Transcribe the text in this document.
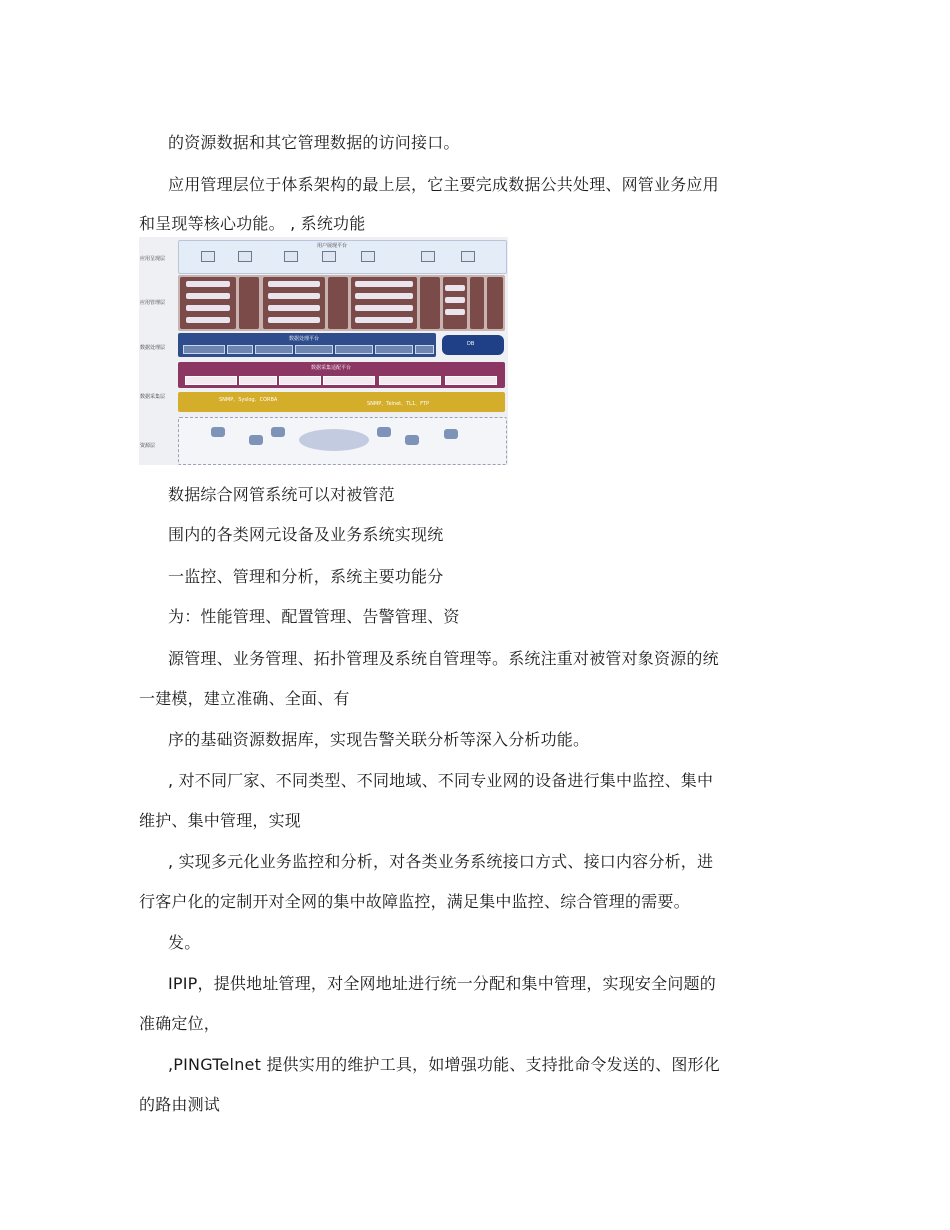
的资源数据和其它管理数据的访问接口。
应用管理层位于体系架构的最上层，它主要完成数据公共处理、网管业务应用
和呈现等核心功能。 , 系统功能
应用呈现层
应用管理层
数据处理层
数据采集层
资源层
用户展现平台
数据处理平台
DB
数据采集适配平台
SNMP、Syslog、CORBA
SNMP、Telnet、TL1、FTP
数据综合网管系统可以对被管范
围内的各类网元设备及业务系统实现统
一监控、管理和分析，系统主要功能分
为：性能管理、配置管理、告警管理、资
源管理、业务管理、拓扑管理及系统自管理等。系统注重对被管对象资源的统
一建模，建立准确、全面、有
序的基础资源数据库，实现告警关联分析等深入分析功能。
, 对不同厂家、不同类型、不同地域、不同专业网的设备进行集中监控、集中
维护、集中管理，实现
, 实现多元化业务监控和分析，对各类业务系统接口方式、接口内容分析，进
行客户化的定制开对全网的集中故障监控，满足集中监控、综合管理的需要。
发。
IPIP，提供地址管理，对全网地址进行统一分配和集中管理，实现安全问题的
准确定位，
,PINGTelnet 提供实用的维护工具，如增强功能、支持批命令发送的、图形化
的路由测试
